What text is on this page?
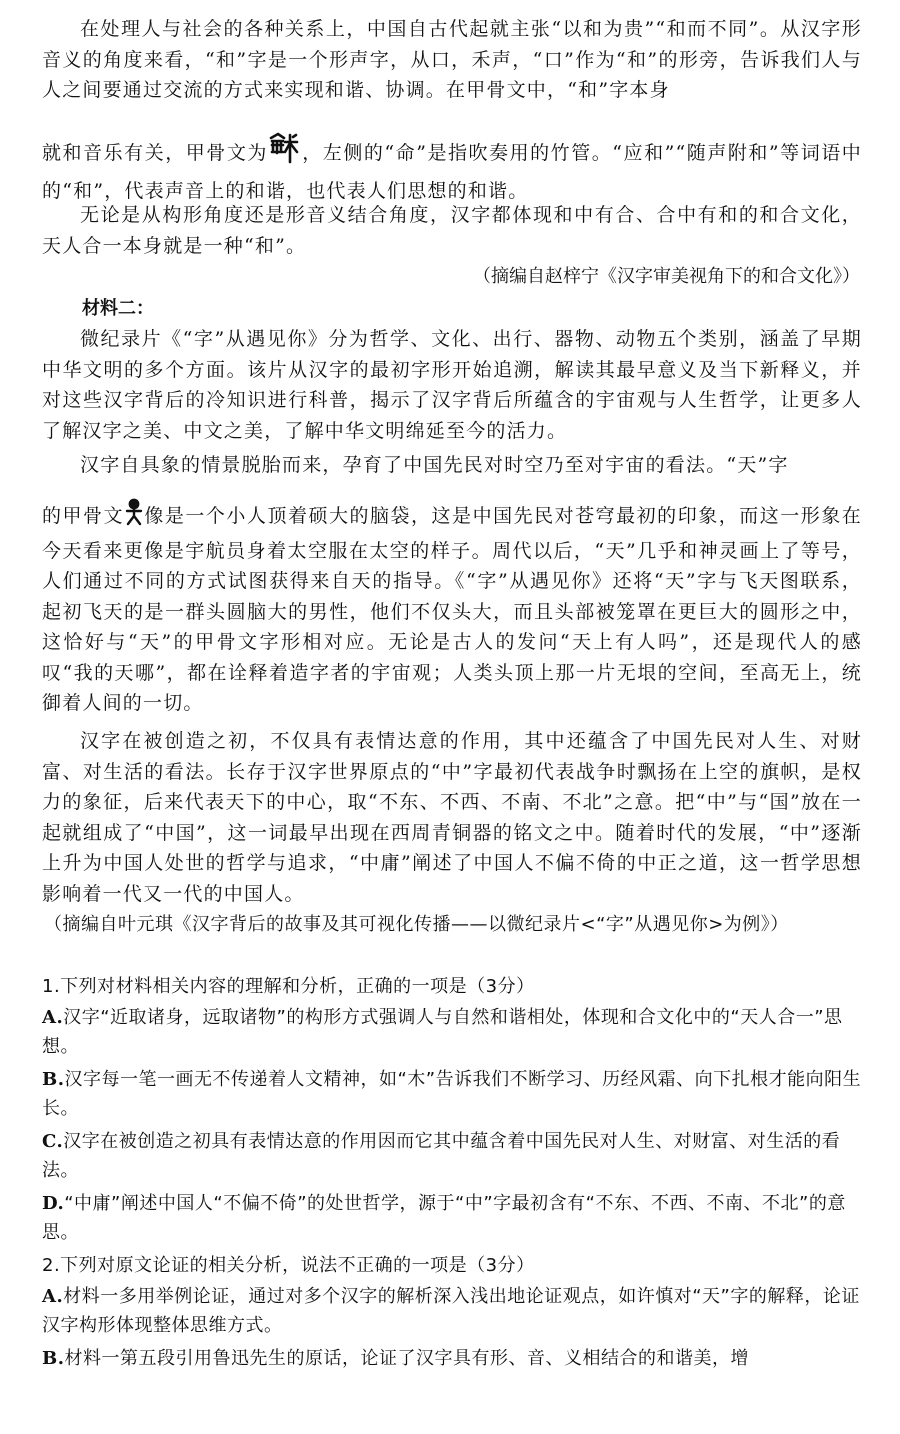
在处理人与社会的各种关系上，中国自古代起就主张“以和为贵”“和而不同”。从汉字形音义的角度来看，“和”字是一个形声字，从口，禾声，“口”作为“和”的形旁，告诉我们人与人之间要通过交流的方式来实现和谐、协调。在甲骨文中，“和”字本身

就和音乐有关，甲骨文为 ，左侧的“命”是指吹奏用的竹管。“应和”“随声附和”等词语中的“和”，代表声音上的和谐，也代表人们思想的和谐。

无论是从构形角度还是形音义结合角度，汉字都体现和中有合、合中有和的和合文化，天人合一本身就是一种“和”。

（摘编自赵梓宁《汉字审美视角下的和合文化》）
材料二：

微纪录片《“字”从遇见你》分为哲学、文化、出行、器物、动物五个类别，涵盖了早期中华文明的多个方面。该片从汉字的最初字形开始追溯，解读其最早意义及当下新释义，并对这些汉字背后的冷知识进行科普，揭示了汉字背后所蕴含的宇宙观与人生哲学，让更多人了解汉字之美、中文之美，了解中华文明绵延至今的活力。

汉字自具象的情景脱胎而来，孕育了中国先民对时空乃至对宇宙的看法。“天”字

的甲骨文 像是一个小人顶着硕大的脑袋，这是中国先民对苍穹最初的印象，而这一形象在今天看来更像是宇航员身着太空服在太空的样子。周代以后，“天”几乎和神灵画上了等号，人们通过不同的方式试图获得来自天的指导。《“字”从遇见你》还将“天”字与飞天图联系，起初飞天的是一群头圆脑大的男性，他们不仅头大，而且头部被笼罩在更巨大的圆形之中，这恰好与“天”的甲骨文字形相对应。无论是古人的发问“天上有人吗”，还是现代人的感叹“我的天哪”，都在诠释着造字者的宇宙观；人类头顶上那一片无垠的空间，至高无上，统御着人间的一切。

汉字在被创造之初，不仅具有表情达意的作用，其中还蕴含了中国先民对人生、对财富、对生活的看法。长存于汉字世界原点的“中”字最初代表战争时飘扬在上空的旗帜，是权力的象征，后来代表天下的中心，取“不东、不西、不南、不北”之意。把“中”与“国”放在一起就组成了“中国”，这一词最早出现在西周青铜器的铭文之中。随着时代的发展，“中”逐渐上升为中国人处世的哲学与追求，“中庸”阐述了中国人不偏不倚的中正之道，这一哲学思想影响着一代又一代的中国人。

（摘编自叶元琪《汉字背后的故事及其可视化传播——以微纪录片<“字”从遇见你>为例》）

1.下列对材料相关内容的理解和分析，正确的一项是（3分）

A.汉字“近取诸身，远取诸物”的构形方式强调人与自然和谐相处，体现和合文化中的“天人合一”思想。

B.汉字每一笔一画无不传递着人文精神，如“木”告诉我们不断学习、历经风霜、向下扎根才能向阳生长。

C.汉字在被创造之初具有表情达意的作用因而它其中蕴含着中国先民对人生、对财富、对生活的看法。

D.“中庸”阐述中国人“不偏不倚”的处世哲学，源于“中”字最初含有“不东、不西、不南、不北”的意思。

2.下列对原文论证的相关分析，说法不正确的一项是（3分）

A.材料一多用举例论证，通过对多个汉字的解析深入浅出地论证观点，如许慎对“天”字的解释，论证汉字构形体现整体思维方式。

B.材料一第五段引用鲁迅先生的原话，论证了汉字具有形、音、义相结合的和谐美，增
